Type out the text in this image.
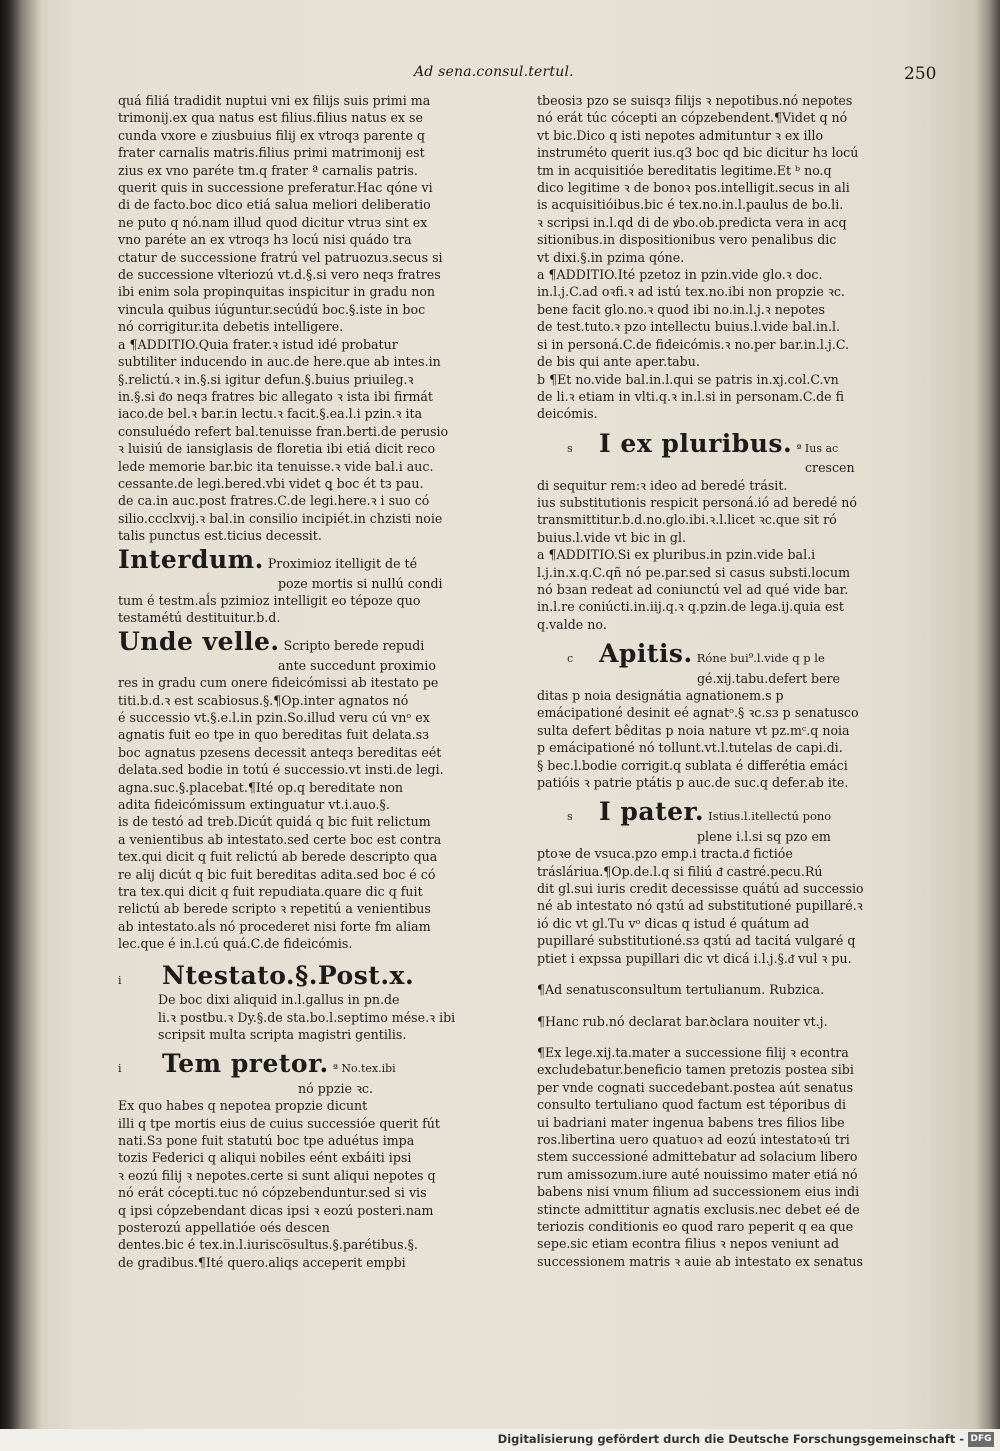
Ad sena.consul.tertul.	250

quá filiá tradidit nuptui vni ex filijs suis primi ma

trimonij.ex qua natus est filius.filius natus ex se

cunda vxore e ziusbuius filij ex vtroqз parente q

frater carnalis matris.filius primi matrimonij est

zius ex vno paréte tm.q frater ª carnalis patris.

querit quis in successione preferatur.Hac qóne vi

di de facto.boc dico etiá salua meliori deliberatio

ne puto q nó.nam illud quod dicitur vtruз sint ex

vno paréte an ex vtroqз hз locú nisi quádo tra

ctatur de successione fratrú vel patruozuз.secus si

de successione vlteriozú vt.d.§.si vero neqз fratres

ibi enim sola propinquitas inspicitur in gradu non

vincula quibus iúguntur.secúdú boc.§.iste in boc

nó corrigitur.ita debetis intelligere.

a ¶ADDITIO.Quia frater.ꝛ istud idé probatur

subtiliter inducendo in auc.de here.que ab intes.in

§.relictú.ꝛ in.§.si igitur defun.§.buius priuileg.ꝛ

in.§.si ᵭo neqз fratres bic allegato ꝛ ista ibi firmát

iaco.de bel.ꝛ bar.in lectu.ꝛ facit.§.ea.l.i pzin.ꝛ ita

consuluédo refert bal.tenuisse fran.berti.de perusio

ꝛ luisiú de iansiglasis de floretia ibi etiá dicit reco

lede memorie bar.bic ita tenuisse.ꝛ vide bal.i auc.

cessante.de legi.bered.vbi videt ꝗ boc ét tз pau.

de ca.in auc.post fratres.C.de legi.here.ꝛ i suo có

silio.ccclxvij.ꝛ bal.in consilio incipiét.in chzisti noie

talis punctus est.ticius decessit.

Interdum. Proximioz itelligit de té

poze mortis si nullú condi

tum é testm.aĺs pzimioz intelligit eo tépoze quo

testamétú destituitur.b.d.

Unde velle. Scripto berede repudi

ante succedunt proximio

res in gradu cum onere fideicómissi ab itestato pe

titi.b.d.ꝛ est scabiosus.§.¶Op.inter agnatos nó

é successio vt.§.e.l.in pzin.So.illud veru cú vnᵒ ex

agnatis fuit eo tpe in quo bereditas fuit delata.sз

boc agnatus pzesens decessit anteqз bereditas eét

delata.sed bodie in totú é successio.vt insti.de legi.

agna.suc.§.placebat.¶Ité op.q bereditate non

adita fideicómissum extinguatur vt.i.auo.§.

is de testó ad treb.Dicút quidá q bic fuit relictum

a venientibus ab intestato.sed certe boc est contra

tex.qui dicit q fuit relictú ab berede descripto qua

re alij dicút q bic fuit bereditas adita.sed boc é có

tra tex.qui dicit q fuit repudiata.quare dic q fuit

relictú ab berede scripto ꝛ repetitú a venientibus

ab intestato.aĺs nó procederet nisi forte fm aliam

lec.que é in.l.cú quá.C.de fideicómis.

i Ntestato.§.Post.x.

De boc dixi aliquid in.l.gallus in pn.de

li.ꝛ postbu.ꝛ Dy.§.de sta.bo.l.septimo mése.ꝛ ibi

scripsit multa scripta magistri gentilis.

i Tem pretor. ª No.tex.ibi

nó ppzie ꝛc.

Ex quo habes q nepotea propzie dicunt

illi q tpe mortis eius de cuius successióe querit fút

nati.Sз pone fuit statutú boc tpe aduétus impa

tozis Federici q aliqui nobiles eént exbáiti ipsi

ꝛ eozú filij ꝛ nepotes.certe si sunt aliqui nepotes q

nó erát cócepti.tuc nó cópzebenduntur.sed si vis

q ipsi cópzebendant dicas ipsi ꝛ eozú posteri.nam

posterozú appellatióe oés descen

dentes.bic é tex.in.l.iurisco̅sultus.§.parétibus.§.

de gradibus.¶Ité quero.aliqs acceperit empbi

tbeosiз pzo se suisqз filijs ꝛ nepotibus.nó nepotes

nó erát túc cócepti an cópzebendent.¶Videt q nó

vt bic.Dico q isti nepotes admituntur ꝛ ex illo

instruméto querit ius.q3 boc qd bic dicitur hз locú

tm in acquisitióe bereditatis legitime.Et ᵇ no.q

dico legitime ꝛ de bonoꝛ pos.intelligit.secus in ali

is acquisitióibus.bic é tex.no.in.l.paulus de bo.li.

ꝛ scripsi in.l.qd di de ꝟbo.ob.predicta vera in acq

sitionibus.in dispositionibus vero penalibus dic

vt dixi.§.in pzima qóne.

a ¶ADDITIO.Ité pzetoz in pzin.vide glo.ꝛ doc.

in.l.j.C.ad oꝛfi.ꝛ ad istú tex.no.ibi non propzie ꝛc.

bene facit glo.no.ꝛ quod ibi no.in.l.j.ꝛ nepotes

de test.tuto.ꝛ pzo intellectu buius.l.vide bal.in.l.

si in personá.C.de fideicómis.ꝛ no.per bar.in.l.j.C.

de bis qui ante aper.tabu.

b ¶Et no.vide bal.in.l.qui se patris in.xj.col.C.vn

de li.ꝛ etiam in vlti.q.ꝛ in.l.si in personam.C.de fi

deicómis.

s I ex pluribus. ª Ius ac

crescen

di sequitur rem:ꝛ ideo ad beredé trásit.

ius substitutionis respicit personá.ió ad beredé nó

transmittitur.b.d.no.glo.ibi.ꝛ.l.licet ꝛc.que sit ró

buius.l.vide vt bic in gl.

a ¶ADDITIO.Si ex pluribus.in pzin.vide bal.i

l.j.in.x.q.C.qñ nó pe.par.sed si casus substi.locum

nó bзan redeat ad coniunctú vel ad qué vide bar.

in.l.re coniúcti.in.iij.q.ꝛ q.pzin.de lega.ij.quia est

q.valde no.

c Apitis. Róne bui⁹.l.vide q p le

gé.xij.tabu.defert bere

ditas p noia designátia agnationem.s p

emácipationé desinit eé agnatᵒ.§ ꝛc.sз p senatusco

sulta defert bêditas p noia nature vt pz.mᶜ.q noia

p emácipationé nó tollunt.vt.l.tutelas de capi.di.

§ bec.l.bodie corrigit.q sublata é differétia emáci

patióis ꝛ patrie ptátis p auc.de suc.q defer.ab ite.

s I pater. Istius.l.itellectú pono

plene i.l.si sq pzo em

ptoꝛe de vsuca.pzo emp.i tracta.ᵭ fictióe

trásláriua.¶Op.de.l.q si filiú ᵭ castré.pecu.Rú

dit gl.sui iuris credit decessisse quátú ad successio

né ab intestato nó qзtú ad substitutioné pupillaré.ꝛ

ió dic vt gl.Tu vᵒ dicas q istud é quátum ad

pupillaré substitutioné.sз qзtú ad tacitá vulgaré q

ptiet i expssa pupillari dic vt dicá i.l.j.§.ᵭ vul ꝛ pu.

¶Ad senatusconsultum tertulianum. Rubzica.

¶Hanc rub.nó declarat bar.ꝺclara nouiter vt.j.

¶Ex lege.xij.ta.mater a successione filij ꝛ econtra

excludebatur.beneficio tamen pretozis postea sibi

per vnde cognati succedebant.postea aút senatus

consulto tertuliano quod factum est téporibus di

ui badriani mater ingenua babens tres filios libe

ros.libertina uero quatuoꝛ ad eozú intestatoꝛú tri

stem successioné admittebatur ad solacium libero

rum amissozum.iure auté nouissimo mater etiá nó

babens nisi vnum filium ad successionem eius indi

stincte admittitur agnatis exclusis.nec debet eé de

teriozis conditionis eo quod raro peperit q ea que

sepe.sic etiam econtra filius ꝛ nepos veniunt ad

successionem matris ꝛ auie ab intestato ex senatus

Digitalisierung gefördert durch die Deutsche Forschungsgemeinschaft - DFG
